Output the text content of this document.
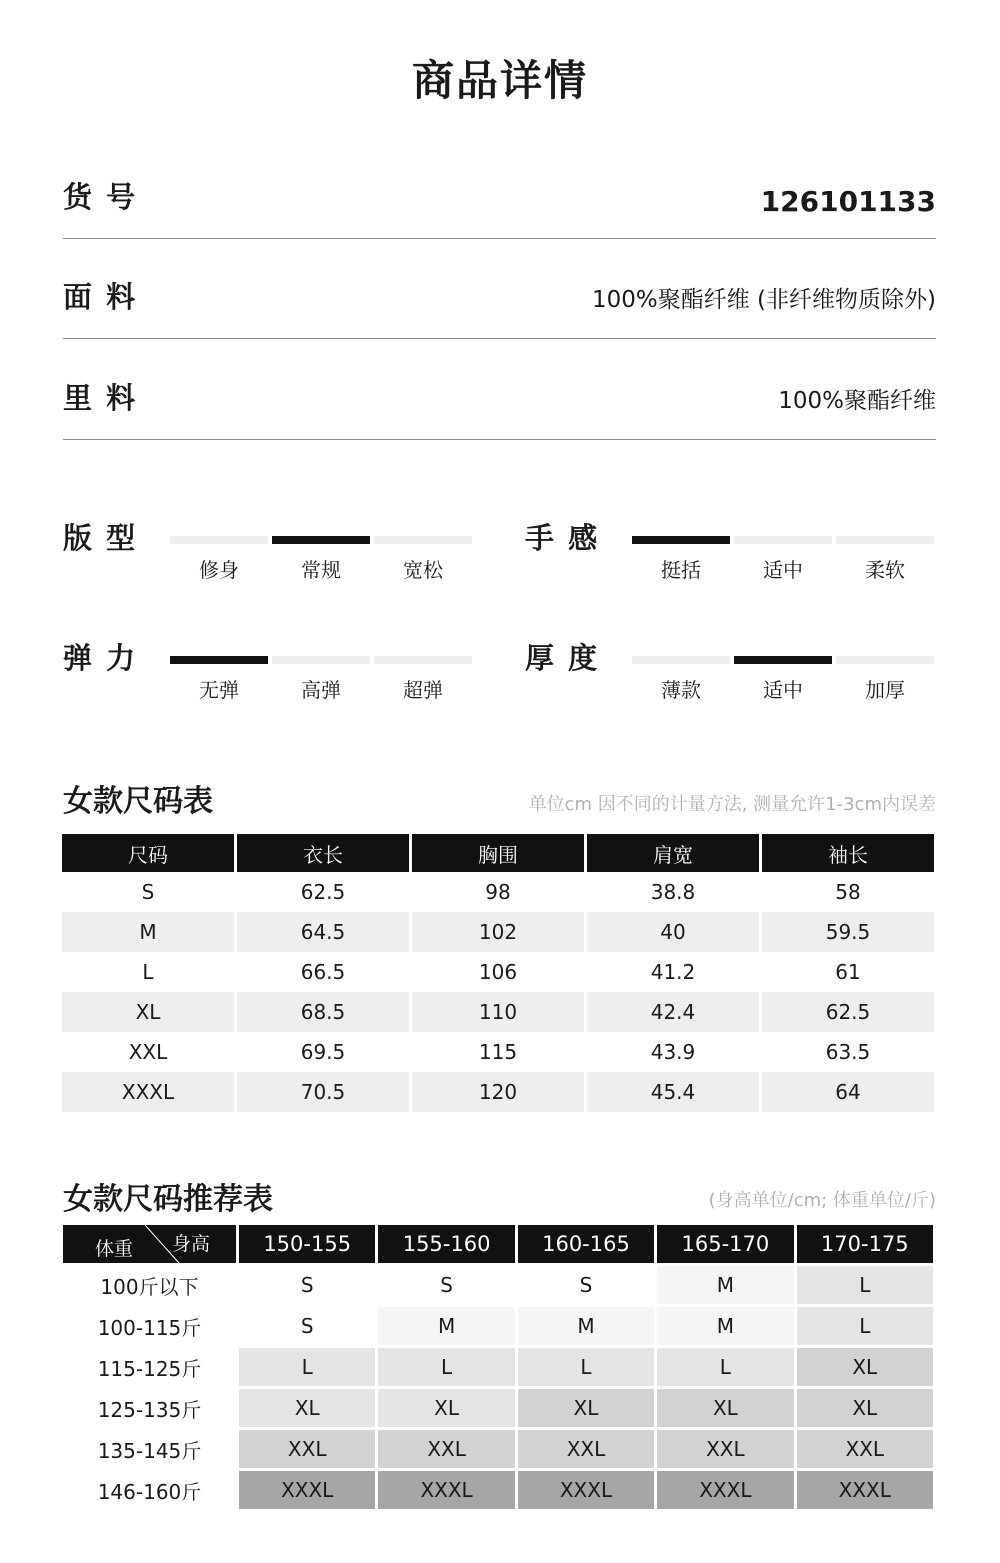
商品详情
货 号	126101133
面 料	100%聚酯纤维 (非纤维物质除外)
里 料	100%聚酯纤维
版 型
修身	常规	宽松
手 感
挺括	适中	柔软
弹 力
无弹	高弹	超弹
厚 度
薄款	适中	加厚
女款尺码表	单位cm 因不同的计量方法, 测量允许1-3cm内误差
尺码	衣长	胸围	肩宽	袖长
S	62.5	98	38.8	58
M	64.5	102	40	59.5
L	66.5	106	41.2	61
XL	68.5	110	42.4	62.5
XXL	69.5	115	43.9	63.5
XXXL	70.5	120	45.4	64
女款尺码推荐表	(身高单位/cm; 体重单位/斤)
身高
体重	150-155	155-160	160-165	165-170	170-175
100斤以下	S	S	S	M	L
100-115斤	S	M	M	M	L
115-125斤	L	L	L	L	XL
125-135斤	XL	XL	XL	XL	XL
135-145斤	XXL	XXL	XXL	XXL	XXL
146-160斤	XXXL	XXXL	XXXL	XXXL	XXXL
